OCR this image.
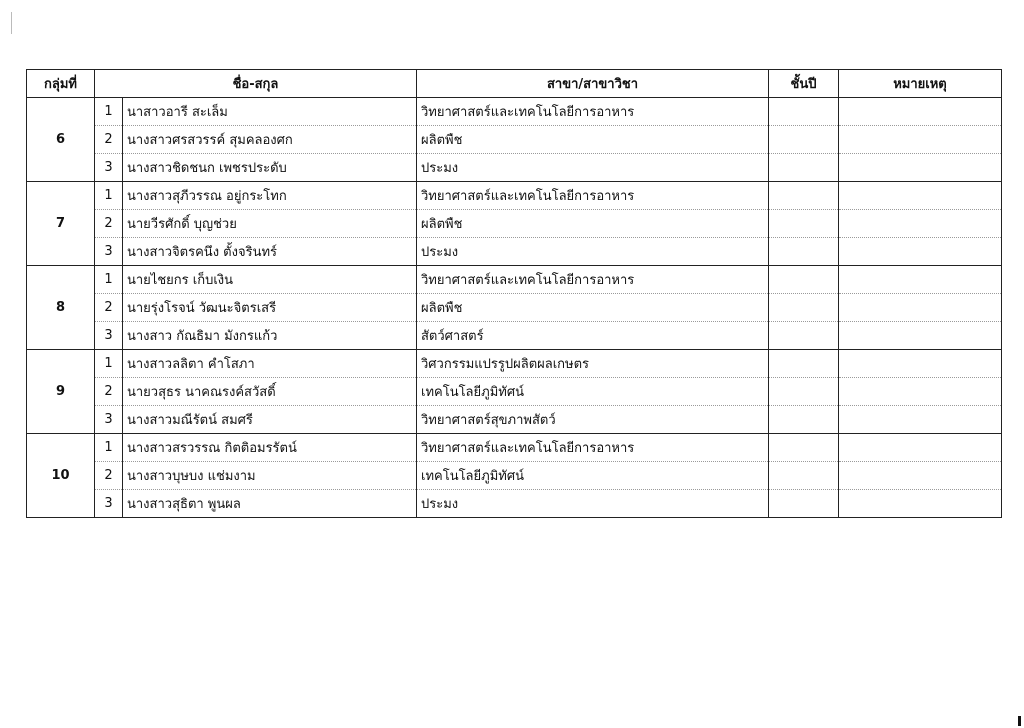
กลุ่มที่	ชื่อ-สกุล		สาขา/สาขาวิชา	ชั้นปี	หมายเหตุ
6	1	นาสาวอารี สะเล็ม	วิทยาศาสตร์และเทคโนโลยีการอาหาร		
	2	นางสาวศรสวรรค์ สุมคลองศก	ผลิตพืช		
	3	นางสาวชิดชนก เพชรประดับ	ประมง		
7	1	นางสาวสุภีวรรณ อยู่กระโทก	วิทยาศาสตร์และเทคโนโลยีการอาหาร		
	2	นายวีรศักดิ์ บุญช่วย	ผลิตพืช		
	3	นางสาวจิตรคนึง ตั้งจรินทร์	ประมง		
8	1	นายไชยกร เก็บเงิน	วิทยาศาสตร์และเทคโนโลยีการอาหาร		
	2	นายรุ่งโรจน์ วัฒนะจิตรเสรี	ผลิตพืช		
	3	นางสาว กัณธิมา มังกรแก้ว	สัตว์ศาสตร์		
9	1	นางสาวลลิตา คำโสภา	วิศวกรรมแปรรูปผลิตผลเกษตร		
	2	นายวสุธร นาคณรงค์สวัสดิ์	เทคโนโลยีภูมิทัศน์		
	3	นางสาวมณีรัตน์ สมศรี	วิทยาศาสตร์สุขภาพสัตว์		
10	1	นางสาวสรวรรณ กิตติอมรรัตน์	วิทยาศาสตร์และเทคโนโลยีการอาหาร		
	2	นางสาวบุษบง แช่มงาม	เทคโนโลยีภูมิทัศน์		
	3	นางสาวสุธิตา พูนผล	ประมง		
